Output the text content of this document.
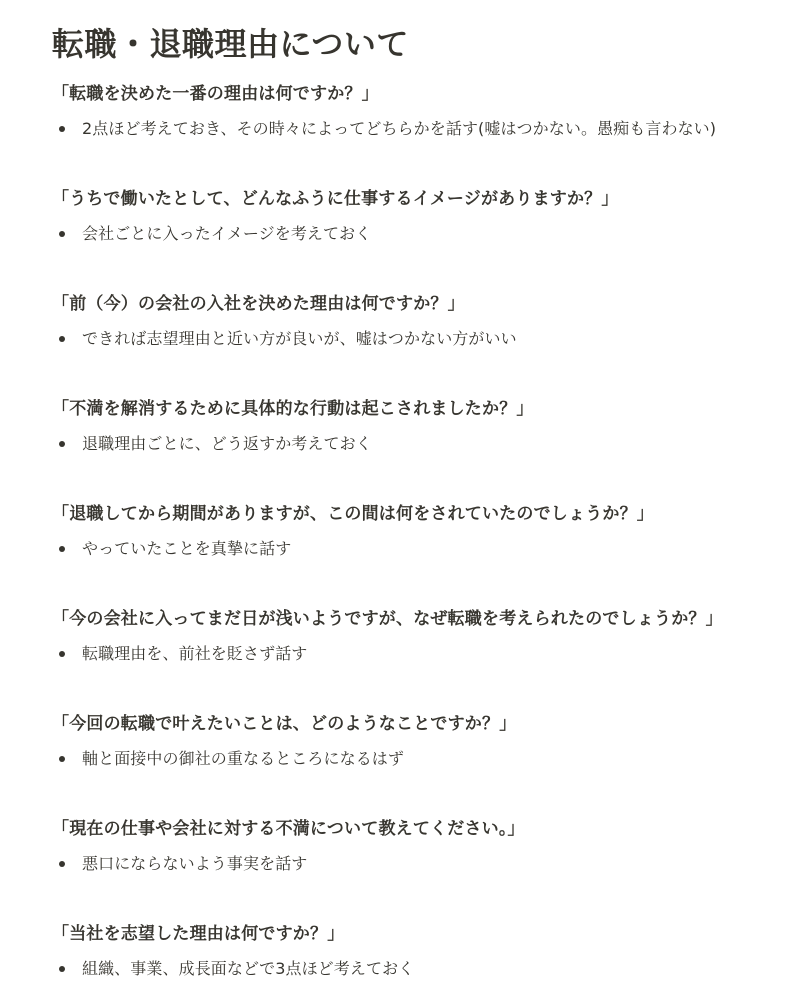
転職・退職理由について

「転職を決めた一番の理由は何ですか？」

2点ほど考えておき、その時々によってどちらかを話す(嘘はつかない。愚痴も言わない)

「うちで働いたとして、どんなふうに仕事するイメージがありますか？」

会社ごとに入ったイメージを考えておく

「前（今）の会社の入社を決めた理由は何ですか？」

できれば志望理由と近い方が良いが、嘘はつかない方がいい

「不満を解消するために具体的な行動は起こされましたか？」

退職理由ごとに、どう返すか考えておく

「退職してから期間がありますが、この間は何をされていたのでしょうか？」

やっていたことを真摯に話す

「今の会社に入ってまだ日が浅いようですが、なぜ転職を考えられたのでしょうか？」

転職理由を、前社を貶さず話す

「今回の転職で叶えたいことは、どのようなことですか？」

軸と面接中の御社の重なるところになるはず

「現在の仕事や会社に対する不満について教えてください。」

悪口にならないよう事実を話す

「当社を志望した理由は何ですか？」

組織、事業、成長面などで3点ほど考えておく
